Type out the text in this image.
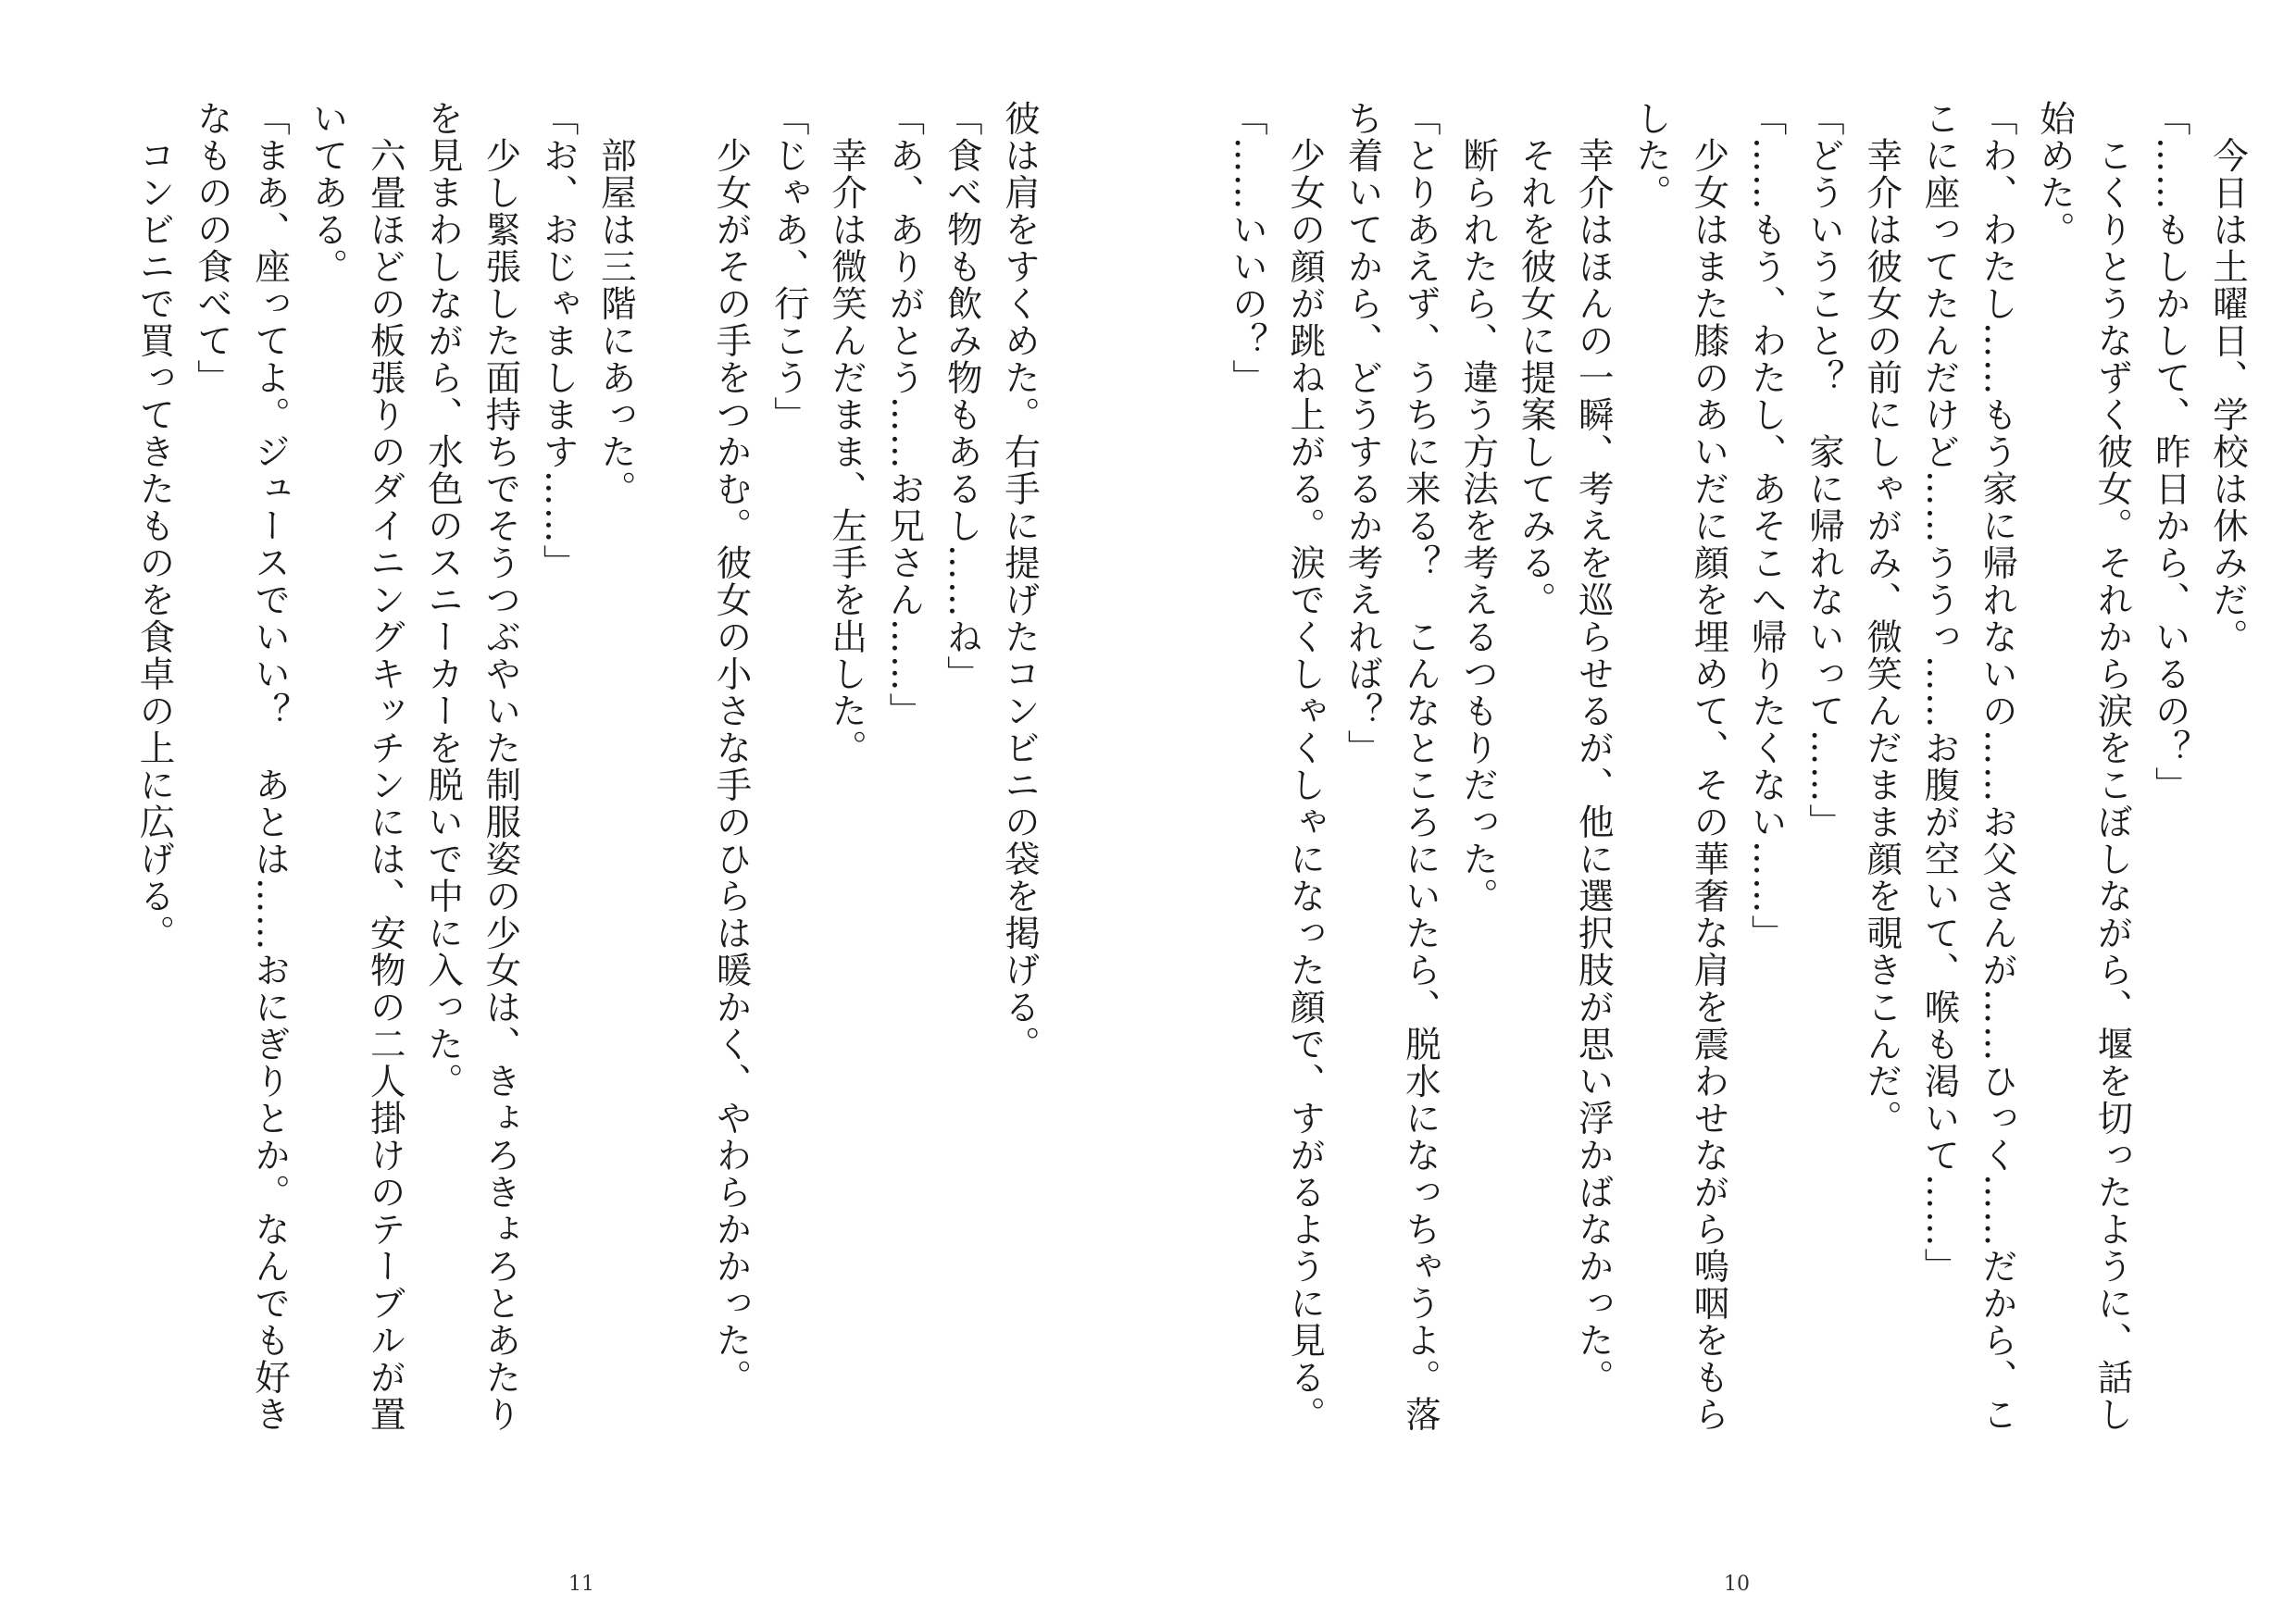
彼は肩をすくめた。右手に提げたコンビニの袋を掲げる。

「食べ物も飲み物もあるし……ね」

「あ、ありがとう……お兄さん……」

　幸介は微笑んだまま、左手を出した。

「じゃあ、行こう」

　少女がその手をつかむ。彼女の小さな手のひらは暖かく、やわらかかった。

　部屋は三階にあった。

「お、おじゃまします……」

　少し緊張した面持ちでそうつぶやいた制服姿の少女は、きょろきょろとあたりを見まわしながら、水色のスニーカーを脱いで中に入った。

　六畳ほどの板張りのダイニングキッチンには、安物の二人掛けのテーブルが置いてある。

「まあ、座ってよ。ジュースでいい？　あとは……おにぎりとか。なんでも好きなものの食べて」

　コンビニで買ってきたものを食卓の上に広げる。

11

　今日は土曜日、学校は休みだ。

「……もしかして、昨日から、いるの？」

　こくりとうなずく彼女。それから涙をこぼしながら、堰を切ったように、話し始めた。

「わ、わたし……もう家に帰れないの……お父さんが……ひっく……だから、ここに座ってたんだけど……ううっ……お腹が空いて、喉も渇いて……」

　幸介は彼女の前にしゃがみ、微笑んだまま顔を覗きこんだ。

「どういうこと？　家に帰れないって……」

「……もう、わたし、あそこへ帰りたくない……」

　少女はまた膝のあいだに顔を埋めて、その華奢な肩を震わせながら嗚咽をもらした。

　幸介はほんの一瞬、考えを巡らせるが、他に選択肢が思い浮かばなかった。

　それを彼女に提案してみる。

　断られたら、違う方法を考えるつもりだった。

「とりあえず、うちに来る？　こんなところにいたら、脱水になっちゃうよ。落ち着いてから、どうするか考えれば？」

　少女の顔が跳ね上がる。涙でくしゃくしゃになった顔で、すがるように見る。

「……いいの？」

10
